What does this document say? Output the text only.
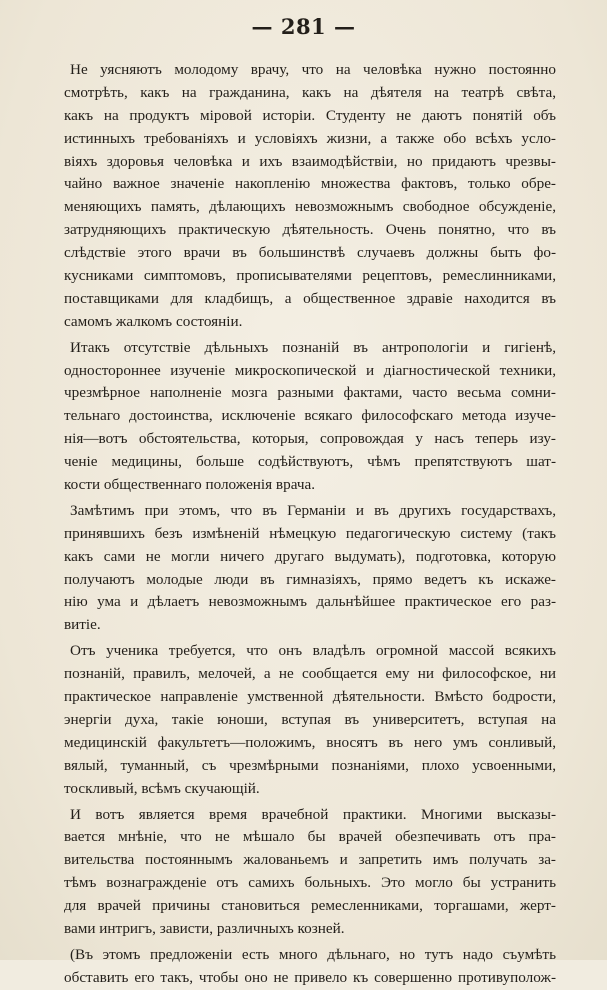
— 281 —
Не уясняютъ молодому врачу, что на человѣка нужно постоянно
смотрѣть, какъ на гражданина, какъ на дѣятеля на театрѣ свѣта,
какъ на продуктъ міровой исторіи. Студенту не даютъ понятій объ
истинныхъ требованіяхъ и условіяхъ жизни, а также обо всѣхъ усло-
віяхъ здоровья человѣка и ихъ взаимодѣйствіи, но придаютъ чрезвы-
чайно важное значеніе накопленію множества фактовъ, только обре-
меняющихъ память, дѣлающихъ невозможнымъ свободное обсужденіе,
затрудняющихъ практическую дѣятельность. Очень понятно, что въ
слѣдствіе этого врачи въ большинствѣ случаевъ должны быть фо-
кусниками симптомовъ, прописывателями рецептовъ, ремеслинниками,
поставщиками для кладбищъ, а общественное здравіе находится въ
самомъ жалкомъ состояніи.
Итакъ отсутствіе дѣльныхъ познаній въ антропологіи и гигіенѣ,
одностороннее изученіе микроскопической и діагностической техники,
чрезмѣрное наполненіе мозга разными фактами, часто весьма сомни-
тельнаго достоинства, исключеніе всякаго философскаго метода изуче-
нія—вотъ обстоятельства, которыя, сопровождая у насъ теперь изу-
ченіе медицины, больше содѣйствуютъ, чѣмъ препятствуютъ шат-
кости общественнаго положенія врача.
Замѣтимъ при этомъ, что въ Германіи и въ другихъ государствахъ,
принявшихъ безъ измѣненій нѣмецкую педагогическую систему (такъ
какъ сами не могли ничего другаго выдумать), подготовка, которую
получаютъ молодые люди въ гимназіяхъ, прямо ведетъ къ искаже-
нію ума и дѣлаетъ невозможнымъ дальнѣйшее практическое его раз-
витіе.
Отъ ученика требуется, что онъ владѣлъ огромной массой всякихъ
познаній, правилъ, мелочей, а не сообщается ему ни философское, ни
практическое направленіе умственной дѣятельности. Вмѣсто бодрости,
энергіи духа, такіе юноши, вступая въ университетъ, вступая на
медицинскій факультетъ—положимъ, вносятъ въ него умъ сонливый,
вялый, туманный, съ чрезмѣрными познаніями, плохо усвоенными,
тоскливый, всѣмъ скучающій.
И вотъ является время врачебной практики. Многими высказы-
вается мнѣніе, что не мѣшало бы врачей обезпечивать отъ пра-
вительства постояннымъ жалованьемъ и запретить имъ получать за-
тѣмъ вознагражденіе отъ самихъ больныхъ. Это могло бы устранить
для врачей причины становиться ремесленниками, торгашами, жерт-
вами интригъ, зависти, различныхъ козней.
(Въ этомъ предложеніи есть много дѣльнаго, но тутъ надо съумѣть
обставить его такъ, чтобы оно не привело къ совершенно противуполож-
